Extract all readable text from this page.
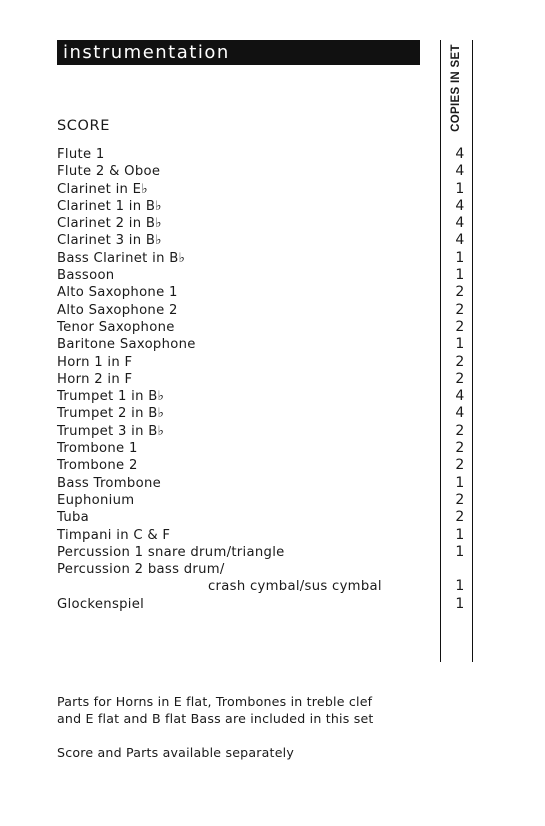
instrumentation	COPIES IN SET
SCORE
Flute 1	4
Flute 2 & Oboe	4
Clarinet in E♭	1
Clarinet 1 in B♭	4
Clarinet 2 in B♭	4
Clarinet 3 in B♭	4
Bass Clarinet in B♭	1
Bassoon	1
Alto Saxophone 1	2
Alto Saxophone 2	2
Tenor Saxophone	2
Baritone Saxophone	1
Horn 1 in F	2
Horn 2 in F	2
Trumpet 1 in B♭	4
Trumpet 2 in B♭	4
Trumpet 3 in B♭	2
Trombone 1	2
Trombone 2	2
Bass Trombone	1
Euphonium	2
Tuba	2
Timpani in C & F	1
Percussion 1 snare drum/triangle	1
Percussion 2 bass drum/
crash cymbal/sus cymbal	1
Glockenspiel	1

Parts for Horns in E flat, Trombones in treble clef

and E flat and B flat Bass are included in this set

Score and Parts available separately
